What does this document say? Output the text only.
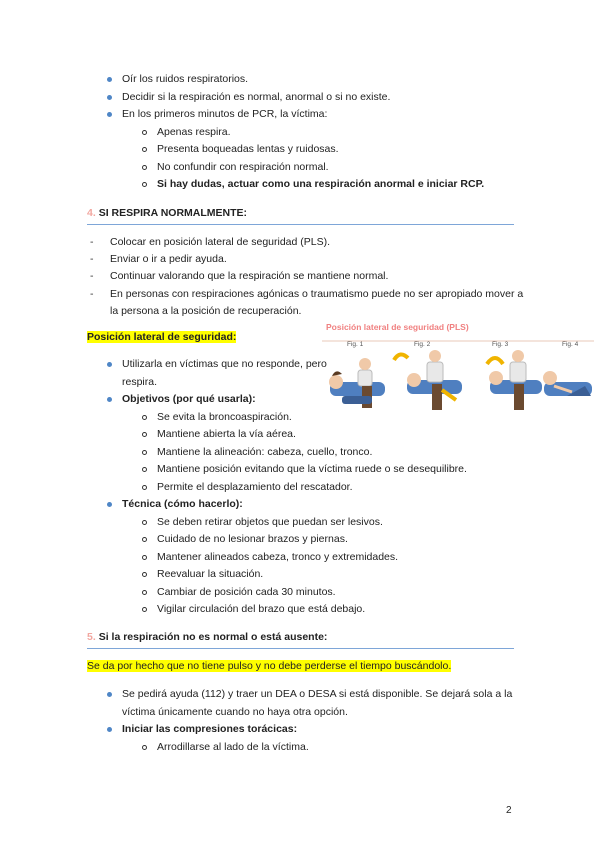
Oír los ruidos respiratorios.
Decidir si la respiración es normal, anormal o si no existe.
En los primeros minutos de PCR, la víctima:
Apenas respira.
Presenta boqueadas lentas y ruidosas.
No confundir con respiración normal.
Si hay dudas, actuar como una respiración anormal e iniciar RCP.
4. SI RESPIRA NORMALMENTE:
- Colocar en posición lateral de seguridad (PLS).
- Enviar o ir a pedir ayuda.
- Continuar valorando que la respiración se mantiene normal.
- En personas con respiraciones agónicas o traumatismo puede no ser apropiado mover a
la persona a la posición de recuperación.
Posición lateral de seguridad:
Posición lateral de seguridad (PLS)
Fig. 1	Fig. 2	Fig. 3	Fig. 4
Utilizarla en víctimas que no responde, pero
respira.
Objetivos (por qué usarla):
Se evita la broncoaspiración.
Mantiene abierta la vía aérea.
Mantiene la alineación: cabeza, cuello, tronco.
Mantiene posición evitando que la víctima ruede o se desequilibre.
Permite el desplazamiento del rescatador.
Técnica (cómo hacerlo):
Se deben retirar objetos que puedan ser lesivos.
Cuidado de no lesionar brazos y piernas.
Mantener alineados cabeza, tronco y extremidades.
Reevaluar la situación.
Cambiar de posición cada 30 minutos.
Vigilar circulación del brazo que está debajo.
5. Si la respiración no es normal o está ausente:
Se da por hecho que no tiene pulso y no debe perderse el tiempo buscándolo.
Se pedirá ayuda (112) y traer un DEA o DESA si está disponible. Se dejará sola a la
víctima únicamente cuando no haya otra opción.
Iniciar las compresiones torácicas:
Arrodillarse al lado de la víctima.
2
